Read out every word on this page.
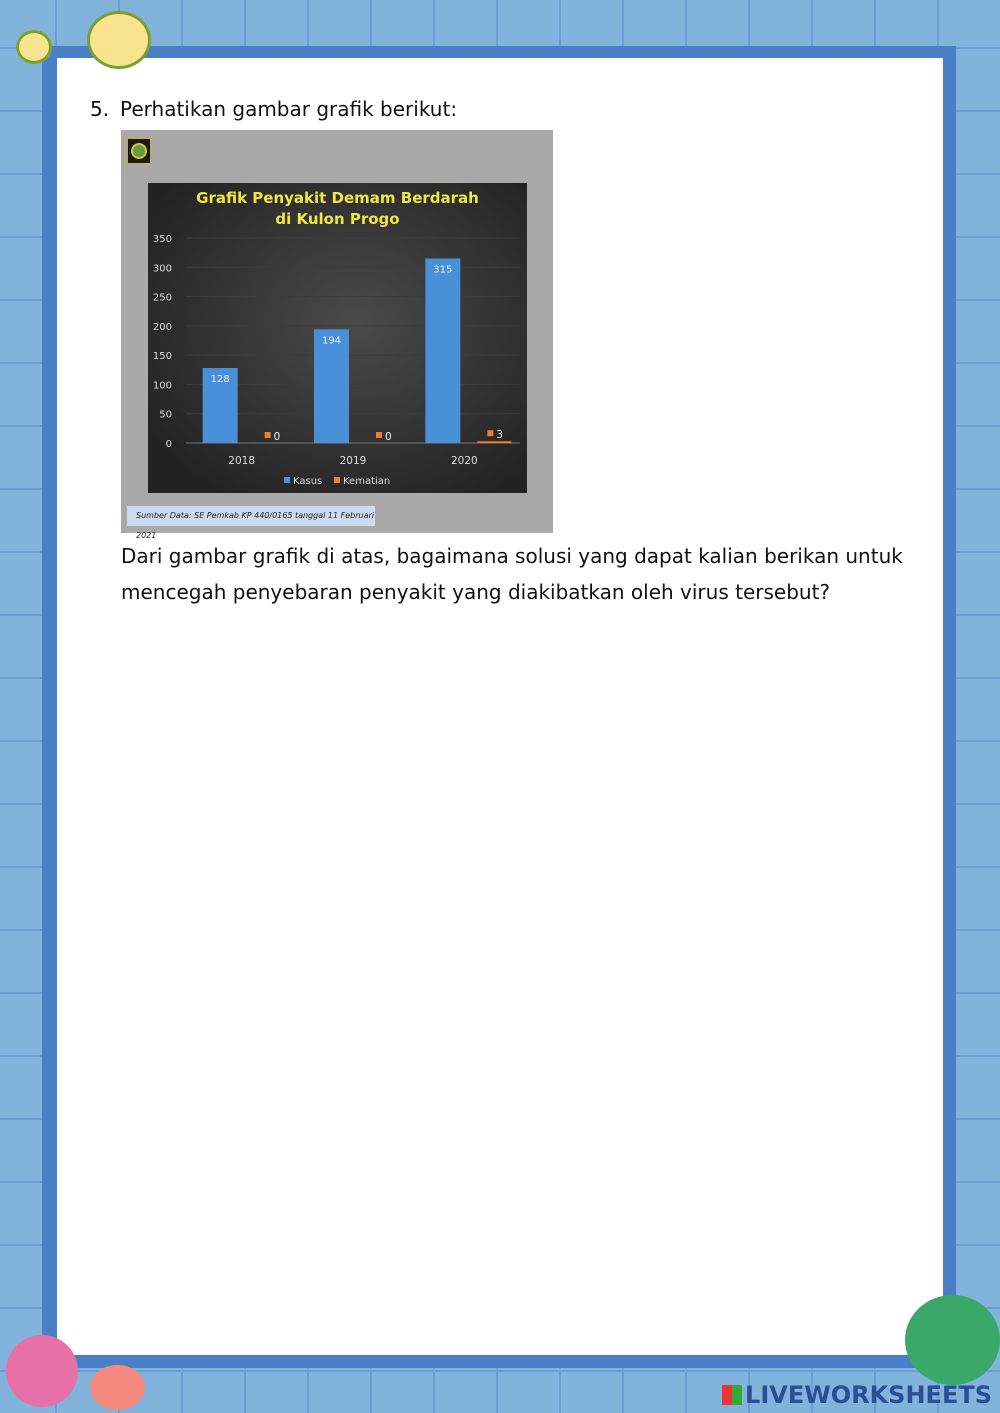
5. Perhatikan gambar grafik berikut:
Grafik Penyakit Demam Berdarah
di Kulon Progo
0
50
100
150
200
250
300
350
2018
128
0
2019
194
0
2020
315
3
Kasus Kematian
Sumber Data: SE Pemkab KP 440/0165 tanggal 11 Februari 2021
Dari gambar grafik di atas, bagaimana solusi yang dapat kalian berikan untuk mencegah penyebaran penyakit yang diakibatkan oleh virus tersebut?
LIVEWORKSHEETS
